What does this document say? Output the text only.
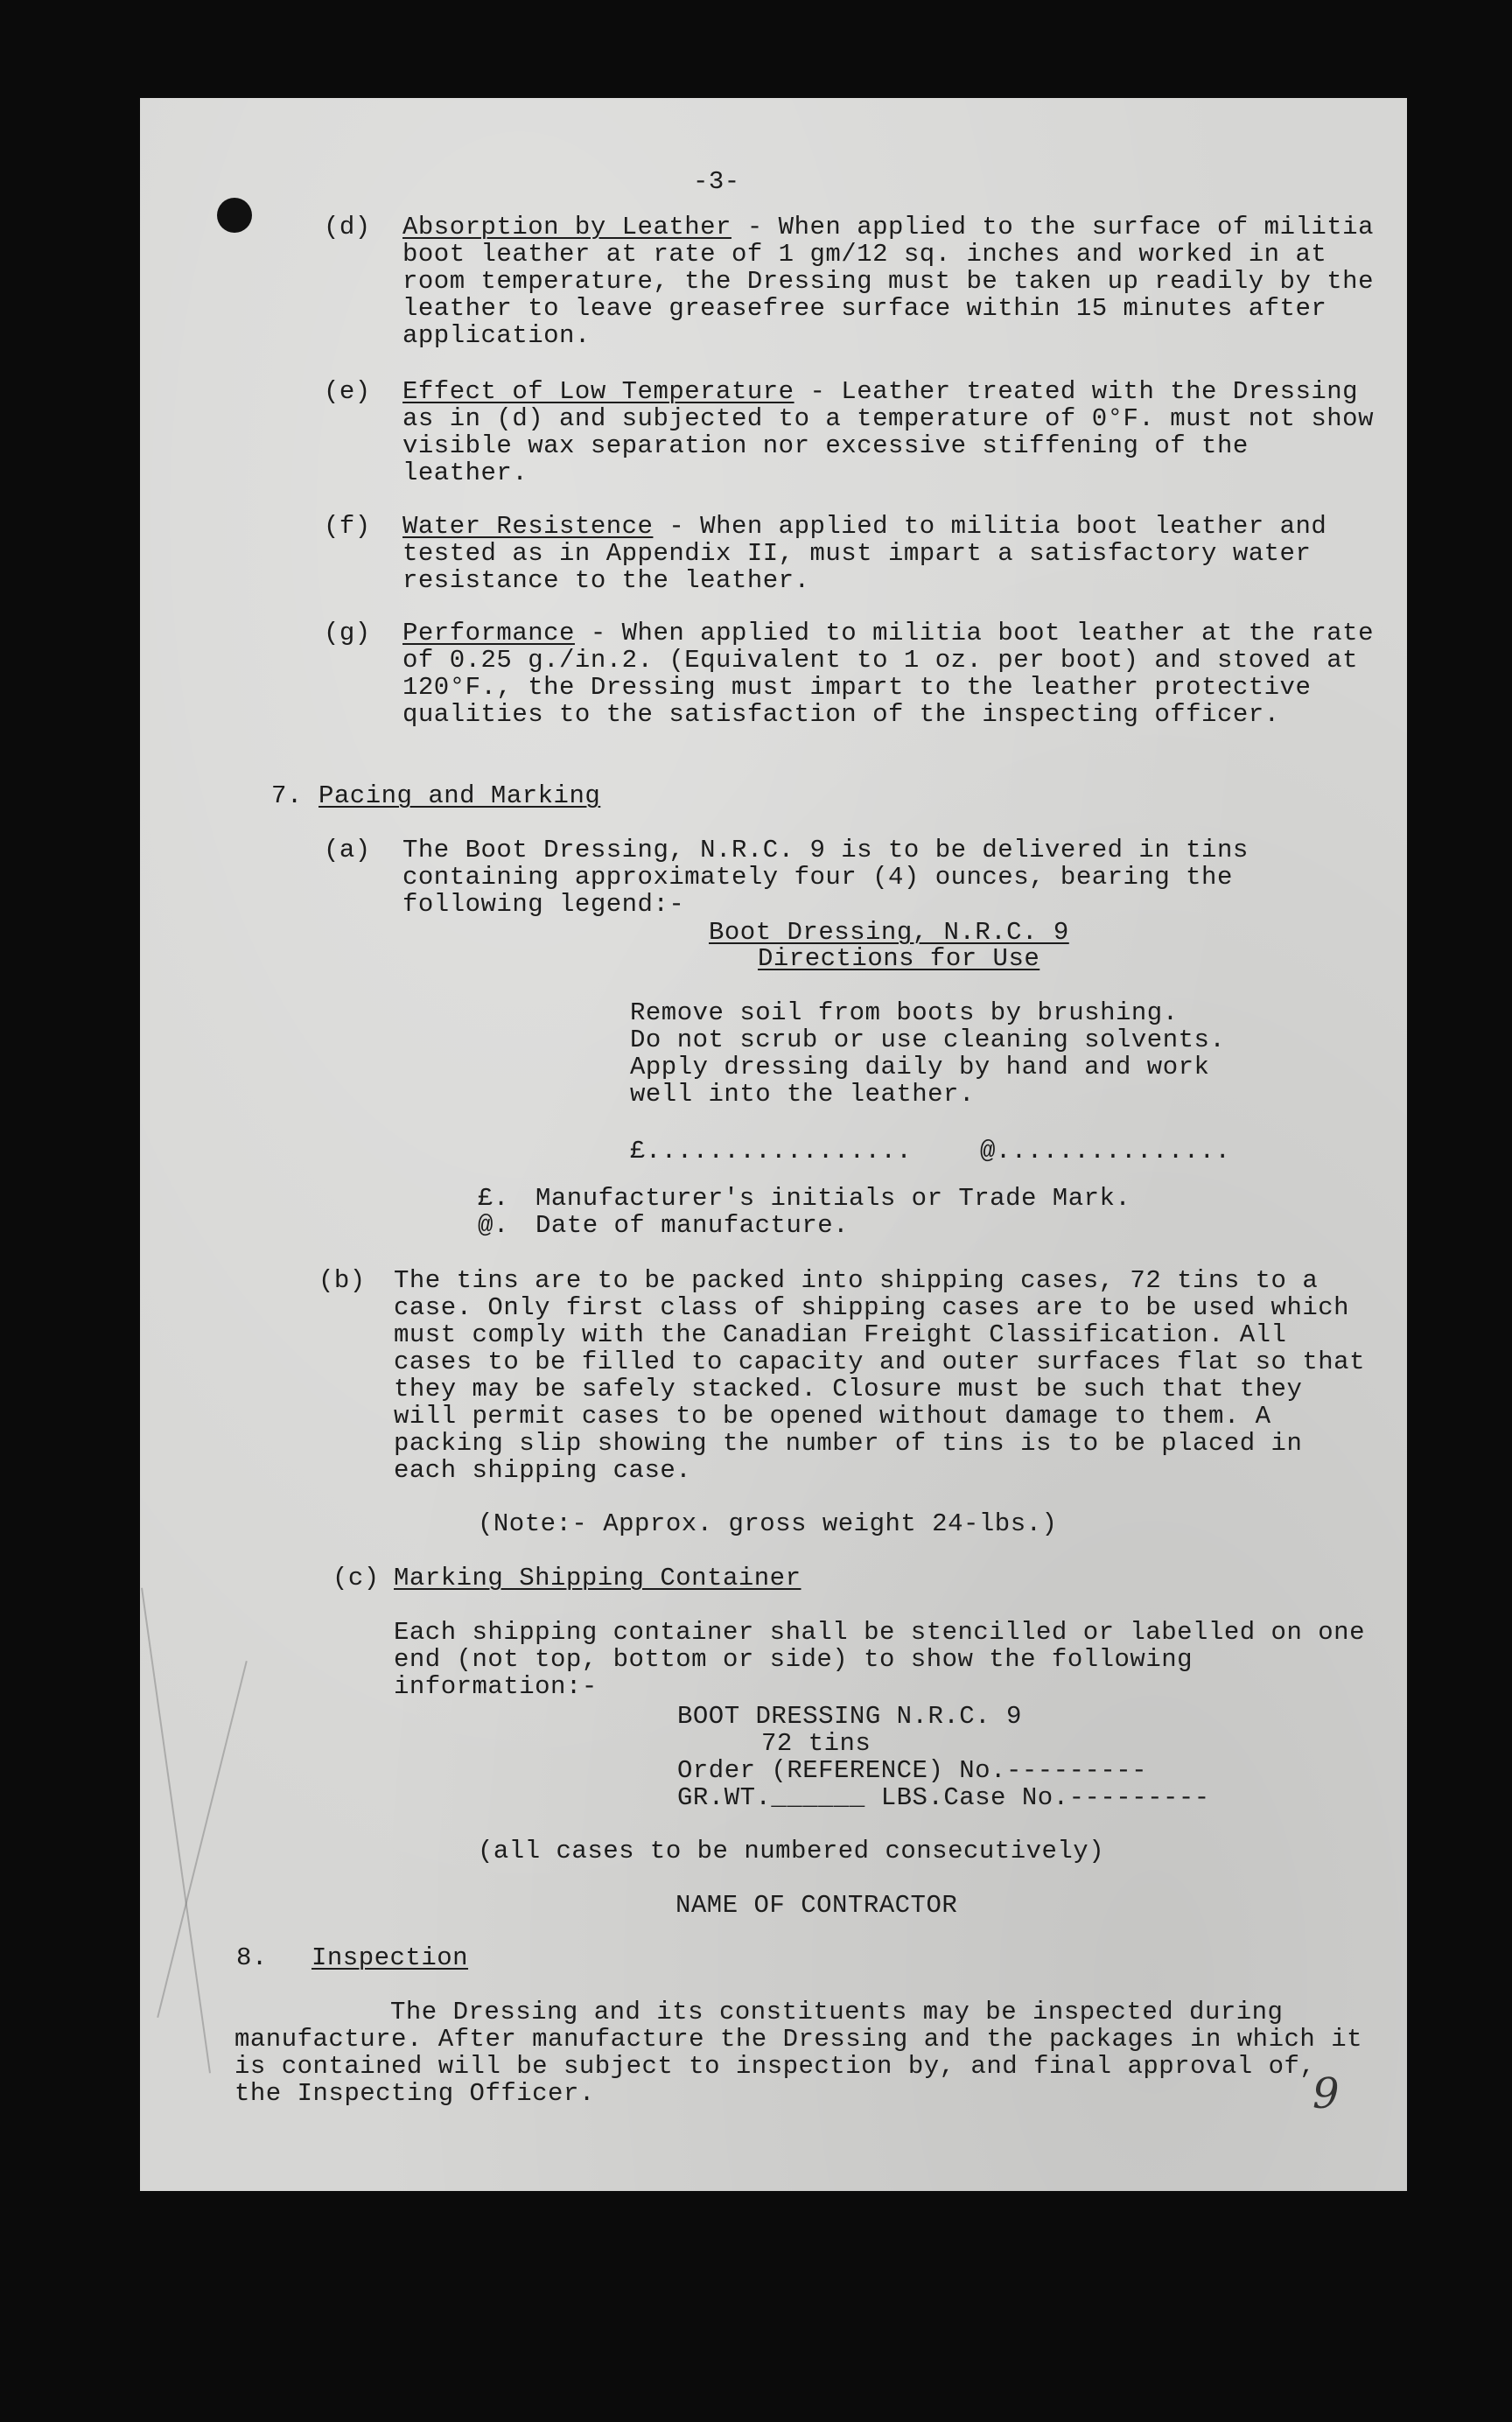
-3-
(d) Absorption by Leather - When applied to the surface of militia boot leather at rate of 1 gm/12 sq. inches and worked in at room temperature, the Dressing must be taken up readily by the leather to leave greasefree surface within 15 minutes after application.
(e) Effect of Low Temperature - Leather treated with the Dressing as in (d) and subjected to a temperature of 0°F. must not show visible wax separation nor excessive stiffening of the leather.
(f) Water Resistence - When applied to militia boot leather and tested as in Appendix II, must impart a satisfactory water resistance to the leather.
(g) Performance - When applied to militia boot leather at the rate of 0.25 g./in.2. (Equivalent to 1 oz. per boot) and stoved at 120°F., the Dressing must impart to the leather protective qualities to the satisfaction of the inspecting officer.
7. Pacing and Marking
(a) The Boot Dressing, N.R.C. 9 is to be delivered in tins containing approximately four (4) ounces, bearing the following legend:-
Boot Dressing, N.R.C. 9
Directions for Use
Remove soil from boots by brushing.
Do not scrub or use cleaning solvents.
Apply dressing daily by hand and work
well into the leather.
£.................	@...............
£. Manufacturer's initials or Trade Mark.
@. Date of manufacture.
(b) The tins are to be packed into shipping cases, 72 tins to a case. Only first class of shipping cases are to be used which must comply with the Canadian Freight Classification. All cases to be filled to capacity and outer surfaces flat so that they may be safely stacked. Closure must be such that they will permit cases to be opened without damage to them. A packing slip showing the number of tins is to be placed in each shipping case.
(Note:- Approx. gross weight 24-lbs.)
(c) Marking Shipping Container
Each shipping container shall be stencilled or labelled on one end (not top, bottom or side) to show the following information:-
BOOT DRESSING N.R.C. 9
72 tins
Order (REFERENCE) No.---------
GR.WT.______ LBS.Case No.---------
(all cases to be numbered consecutively)
NAME OF CONTRACTOR
8. Inspection
The Dressing and its constituents may be inspected during manufacture. After manufacture the Dressing and the packages in which it is contained will be subject to inspection by, and final approval of, the Inspecting Officer.	9
